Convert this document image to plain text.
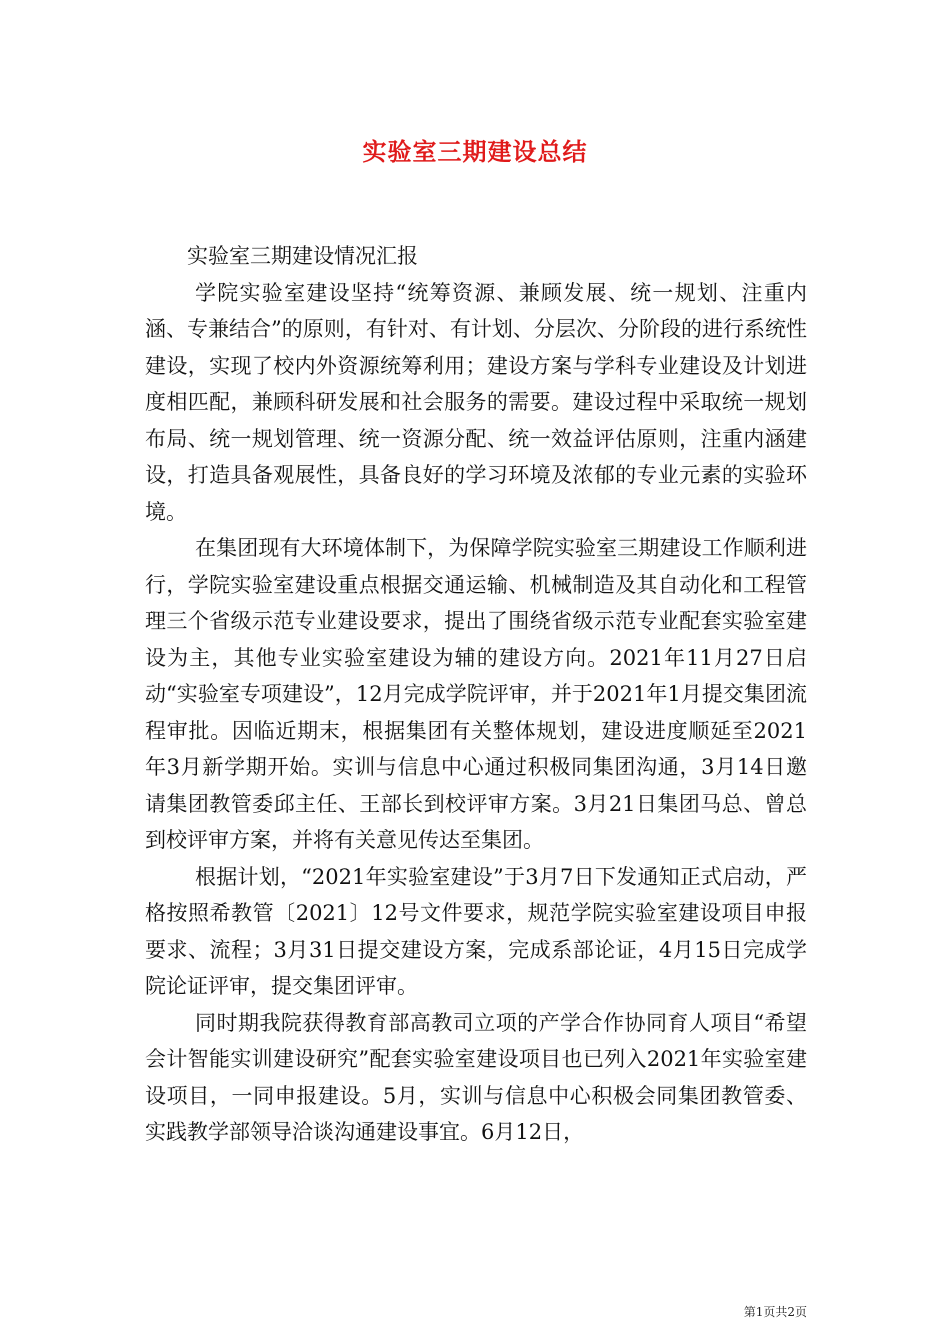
实验室三期建设总结

实验室三期建设情况汇报

学院实验室建设坚持“统筹资源、兼顾发展、统一规划、注重内涵、专兼结合”的原则，有针对、有计划、分层次、分阶段的进行系统性建设，实现了校内外资源统筹利用；建设方案与学科专业建设及计划进度相匹配，兼顾科研发展和社会服务的需要。建设过程中采取统一规划布局、统一规划管理、统一资源分配、统一效益评估原则，注重内涵建设，打造具备观展性，具备良好的学习环境及浓郁的专业元素的实验环境。

在集团现有大环境体制下，为保障学院实验室三期建设工作顺利进行，学院实验室建设重点根据交通运输、机械制造及其自动化和工程管理三个省级示范专业建设要求，提出了围绕省级示范专业配套实验室建设为主，其他专业实验室建设为辅的建设方向。2021年11月27日启动“实验室专项建设”，12月完成学院评审，并于2021年1月提交集团流程审批。因临近期末，根据集团有关整体规划，建设进度顺延至2021年3月新学期开始。实训与信息中心通过积极同集团沟通，3月14日邀请集团教管委邱主任、王部长到校评审方案。3月21日集团马总、曾总到校评审方案，并将有关意见传达至集团。

根据计划，“2021年实验室建设”于3月7日下发通知正式启动，严格按照希教管〔2021〕12号文件要求，规范学院实验室建设项目申报要求、流程；3月31日提交建设方案，完成系部论证，4月15日完成学院论证评审，提交集团评审。

同时期我院获得教育部高教司立项的产学合作协同育人项目“希望会计智能实训建设研究”配套实验室建设项目也已列入2021年实验室建设项目，一同申报建设。5月，实训与信息中心积极会同集团教管委、实践教学部领导洽谈沟通建设事宜。6月12日，

第1页共2页
